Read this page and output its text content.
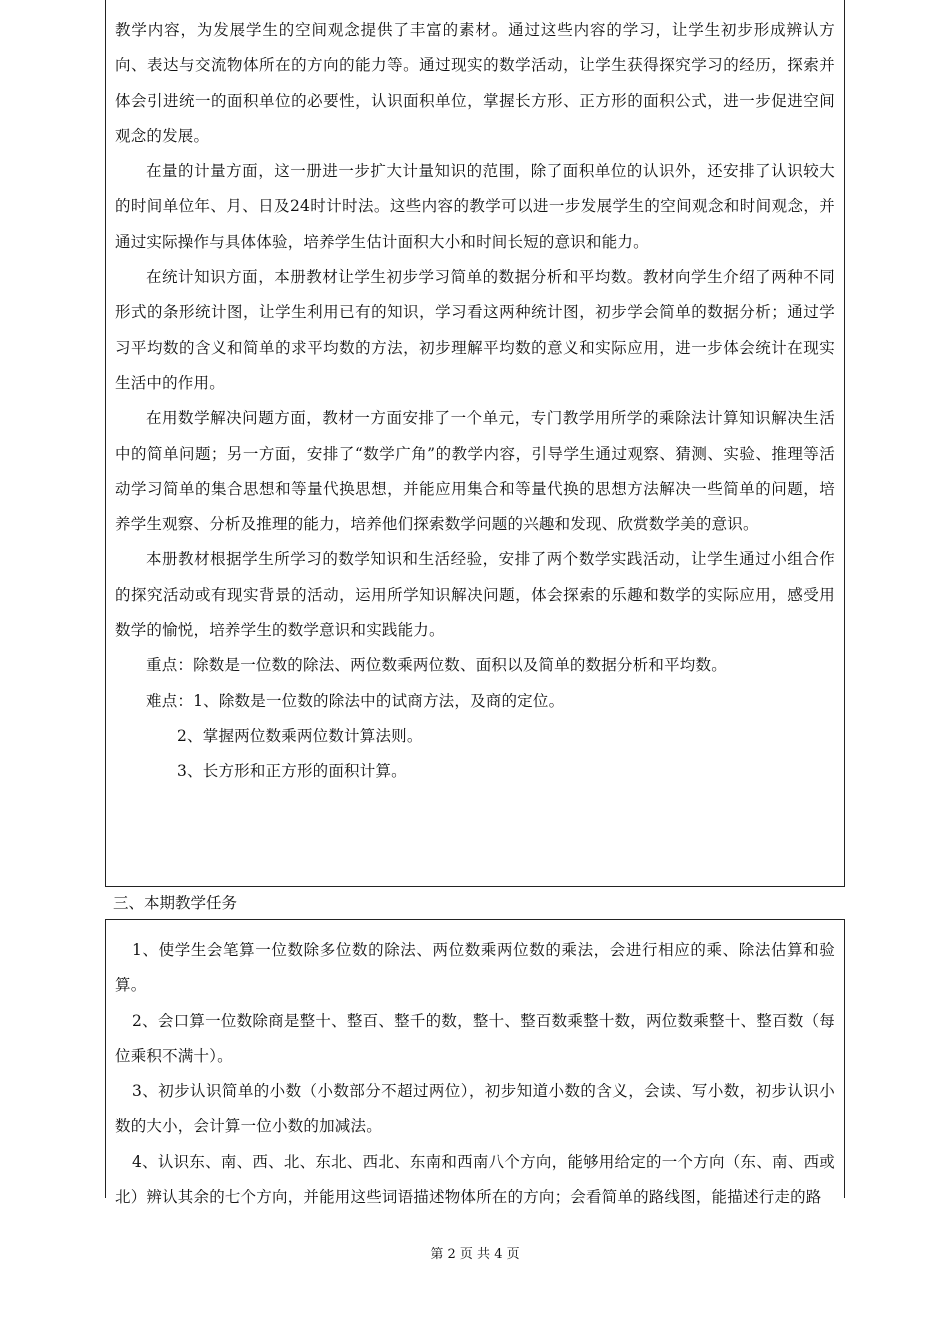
教学内容，为发展学生的空间观念提供了丰富的素材。通过这些内容的学习，让学生初步形成辨认方向、表达与交流物体所在的方向的能力等。通过现实的数学活动，让学生获得探究学习的经历，探索并体会引进统一的面积单位的必要性，认识面积单位，掌握长方形、正方形的面积公式，进一步促进空间观念的发展。

在量的计量方面，这一册进一步扩大计量知识的范围，除了面积单位的认识外，还安排了认识较大的时间单位年、月、日及24时计时法。这些内容的教学可以进一步发展学生的空间观念和时间观念，并通过实际操作与具体体验，培养学生估计面积大小和时间长短的意识和能力。

在统计知识方面，本册教材让学生初步学习简单的数据分析和平均数。教材向学生介绍了两种不同形式的条形统计图，让学生利用已有的知识，学习看这两种统计图，初步学会简单的数据分析；通过学习平均数的含义和简单的求平均数的方法，初步理解平均数的意义和实际应用，进一步体会统计在现实生活中的作用。

在用数学解决问题方面，教材一方面安排了一个单元，专门教学用所学的乘除法计算知识解决生活中的简单问题；另一方面，安排了“数学广角”的教学内容，引导学生通过观察、猜测、实验、推理等活动学习简单的集合思想和等量代换思想，并能应用集合和等量代换的思想方法解决一些简单的问题，培养学生观察、分析及推理的能力，培养他们探索数学问题的兴趣和发现、欣赏数学美的意识。

本册教材根据学生所学习的数学知识和生活经验，安排了两个数学实践活动，让学生通过小组合作的探究活动或有现实背景的活动，运用所学知识解决问题，体会探索的乐趣和数学的实际应用，感受用数学的愉悦，培养学生的数学意识和实践能力。

重点：除数是一位数的除法、两位数乘两位数、面积以及简单的数据分析和平均数。

难点：1、除数是一位数的除法中的试商方法，及商的定位。

2、掌握两位数乘两位数计算法则。

3、长方形和正方形的面积计算。

三、本期教学任务

1、使学生会笔算一位数除多位数的除法、两位数乘两位数的乘法，会进行相应的乘、除法估算和验算。

2、会口算一位数除商是整十、整百、整千的数，整十、整百数乘整十数，两位数乘整十、整百数（每位乘积不满十）。

3、初步认识简单的小数（小数部分不超过两位），初步知道小数的含义，会读、写小数，初步认识小数的大小，会计算一位小数的加减法。

4、认识东、南、西、北、东北、西北、东南和西南八个方向，能够用给定的一个方向（东、南、西或北）辨认其余的七个方向，并能用这些词语描述物体所在的方向；会看简单的路线图，能描述行走的路

第 2 页 共 4 页
